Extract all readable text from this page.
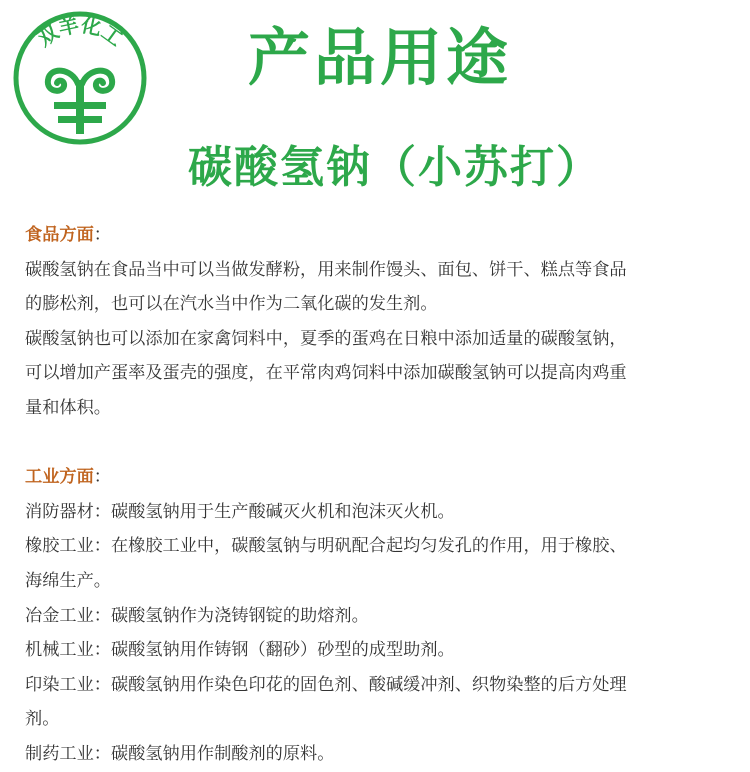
双羊化工	产品用途
碳酸氢钠（小苏打）
食品方面：
碳酸氢钠在食品当中可以当做发酵粉，用来制作馒头、面包、饼干、糕点等食品
的膨松剂，也可以在汽水当中作为二氧化碳的发生剂。
碳酸氢钠也可以添加在家禽饲料中，夏季的蛋鸡在日粮中添加适量的碳酸氢钠，
可以增加产蛋率及蛋壳的强度，在平常肉鸡饲料中添加碳酸氢钠可以提高肉鸡重
量和体积。
工业方面：
消防器材：碳酸氢钠用于生产酸碱灭火机和泡沫灭火机。
橡胶工业：在橡胶工业中，碳酸氢钠与明矾配合起均匀发孔的作用，用于橡胶、
海绵生产。
冶金工业：碳酸氢钠作为浇铸钢锭的助熔剂。
机械工业：碳酸氢钠用作铸钢（翻砂）砂型的成型助剂。
印染工业：碳酸氢钠用作染色印花的固色剂、酸碱缓冲剂、织物染整的后方处理
剂。
制药工业：碳酸氢钠用作制酸剂的原料。
